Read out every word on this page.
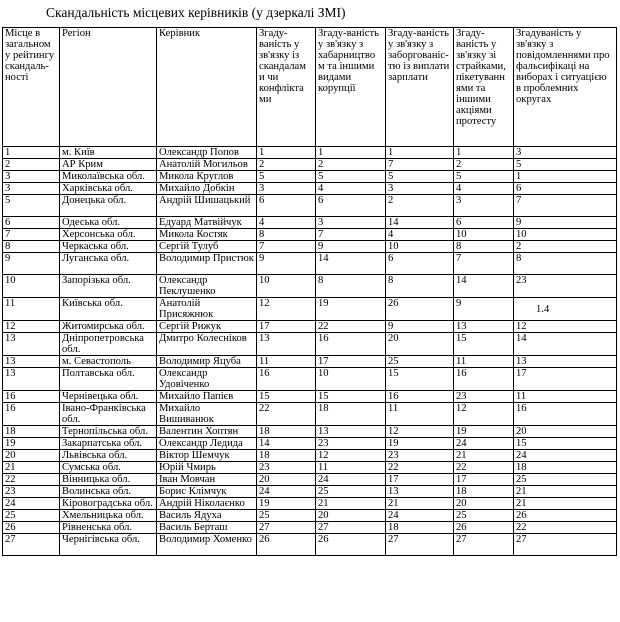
Скандальність місцевих керівників (у дзеркалі ЗМІ)
Місце в загальном у рейтингу скандаль-ності	Регіон	Керівник	Згаду-ваність у зв'язку із скандалам и чи конфлікта ми	Згаду-ваність у зв'язку з хабарництво м та іншими видами корупції	Згаду-ваність у зв'язку з заборгованіс-тю із виплати зарплати	Згаду-ваність у зв'язку зі страйками, пікетуванн ями та іншими акціями протесту	Згадуваність у зв'язку з повідомленнями про фальсифікаці на виборах і ситуацією в проблемних округах
1	м. Київ	Олександр Попов	1	1	1	1	3
2	АР Крим	Анатолій Могильов	2	2	7	2	5
3	Миколаївська обл.	Микола Круглов	5	5	5	5	1
3	Харківська обл.	Михайло Добкін	3	4	3	4	6
5	Донецька обл.	Андрій Шишацький	6	6	2	3	7
6	Одеська обл.	Едуард Матвійчук	4	3	14	6	9
7	Херсонська обл.	Микола Костяк	8	7	4	10	10
8	Черкаська обл.	Сергій Тулуб	7	9	10	8	2
9	Луганська обл.	Володимир Пристюк	9	14	6	7	8
10	Запорізька обл.	Олександр Пеклушенко	10	8	8	14	23
11	Київська обл.	Анатолій Присяжнюк	12	19	26	9	1.4
12	Житомирська обл.	Сергій Рижук	17	22	9	13	12
13	Дніпропетровська обл.	Дмитро Колесніков	13	16	20	15	14
13	м. Севастополь	Володимир Яцуба	11	17	25	11	13
13	Полтавська обл.	Олександр Удовіченко	16	10	15	16	17
16	Чернівецька обл.	Михайло Папієв	15	15	16	23	11
16	Івано-Франківська обл.	Михайло Вишиванюк	22	18	11	12	16
18	Тернопільська обл.	Валентин Хоптян	18	13	12	19	20
19	Закарпатська обл.	Олександр Ледида	14	23	19	24	15
20	Львівська обл.	Віктор Шемчук	18	12	23	21	24
21	Сумська обл.	Юрій Чмирь	23	11	22	22	18
22	Вінницька обл.	Іван Мовчан	20	24	17	17	25
23	Волинська обл.	Борис Клімчук	24	25	13	18	21
24	Кіровоградська обл.	Андрій Ніколаєнко	19	21	21	20	21
25	Хмельницька обл.	Василь Ядуха	25	20	24	25	26
26	Рівненська обл.	Василь Берташ	27	27	18	26	22
27	Чернігівська обл.	Володимир Хоменко	26	26	27	27	27
